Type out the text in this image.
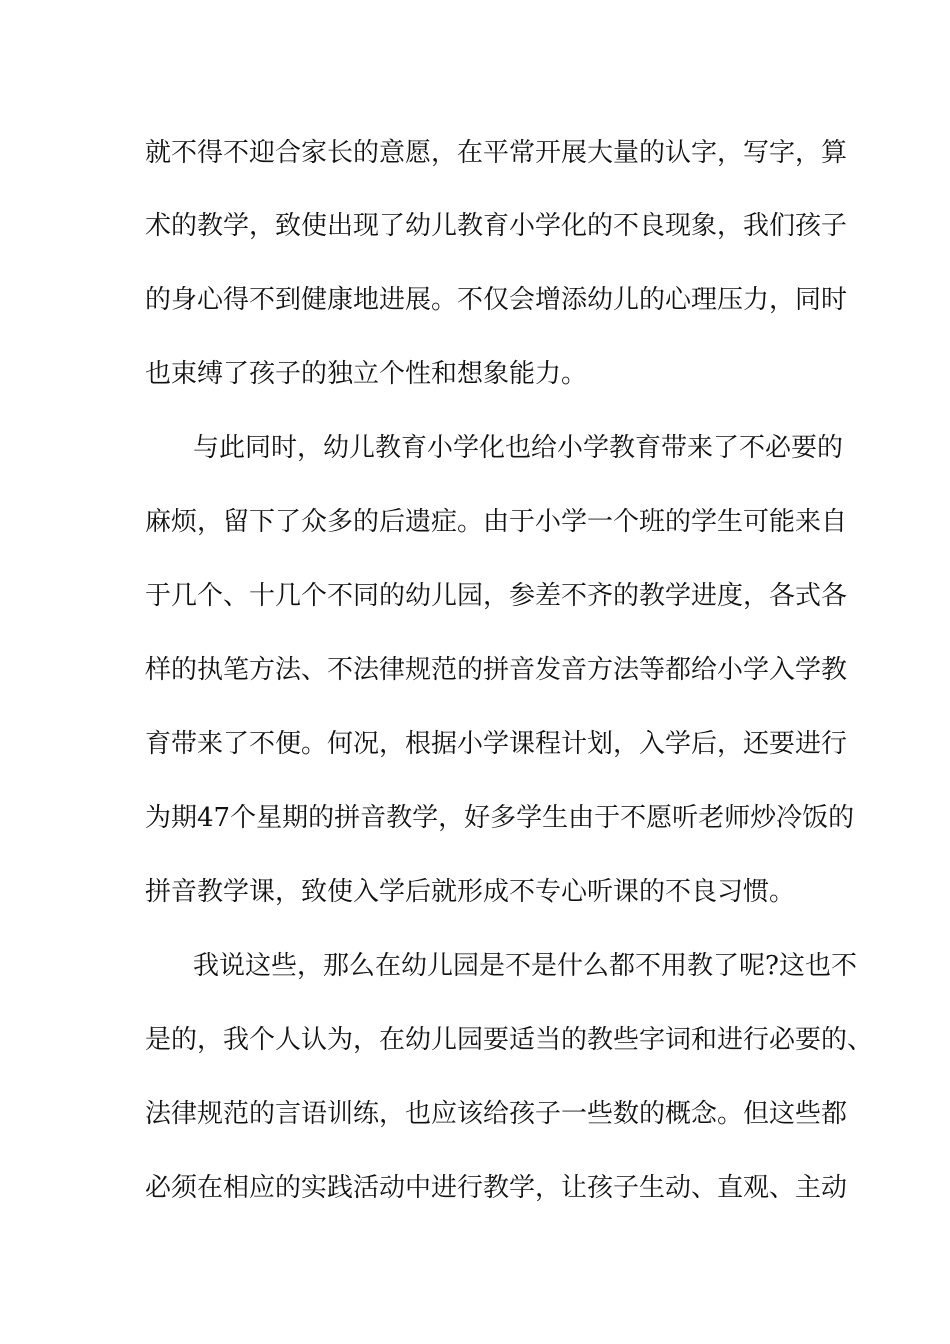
就不得不迎合家长的意愿，在平常开展大量的认字，写字，算
术的教学，致使出现了幼儿教育小学化的不良现象，我们孩子
的身心得不到健康地进展。不仅会增添幼儿的心理压力，同时
也束缚了孩子的独立个性和想象能力。
与此同时，幼儿教育小学化也给小学教育带来了不必要的
麻烦，留下了众多的后遗症。由于小学一个班的学生可能来自
于几个、十几个不同的幼儿园，参差不齐的教学进度，各式各
样的执笔方法、不法律规范的拼音发音方法等都给小学入学教
育带来了不便。何况，根据小学课程计划，入学后，还要进行
为期47个星期的拼音教学，好多学生由于不愿听老师炒冷饭的
拼音教学课，致使入学后就形成不专心听课的不良习惯。
我说这些，那么在幼儿园是不是什么都不用教了呢?这也不
是的，我个人认为，在幼儿园要适当的教些字词和进行必要的、
法律规范的言语训练，也应该给孩子一些数的概念。但这些都
必须在相应的实践活动中进行教学，让孩子生动、直观、主动
